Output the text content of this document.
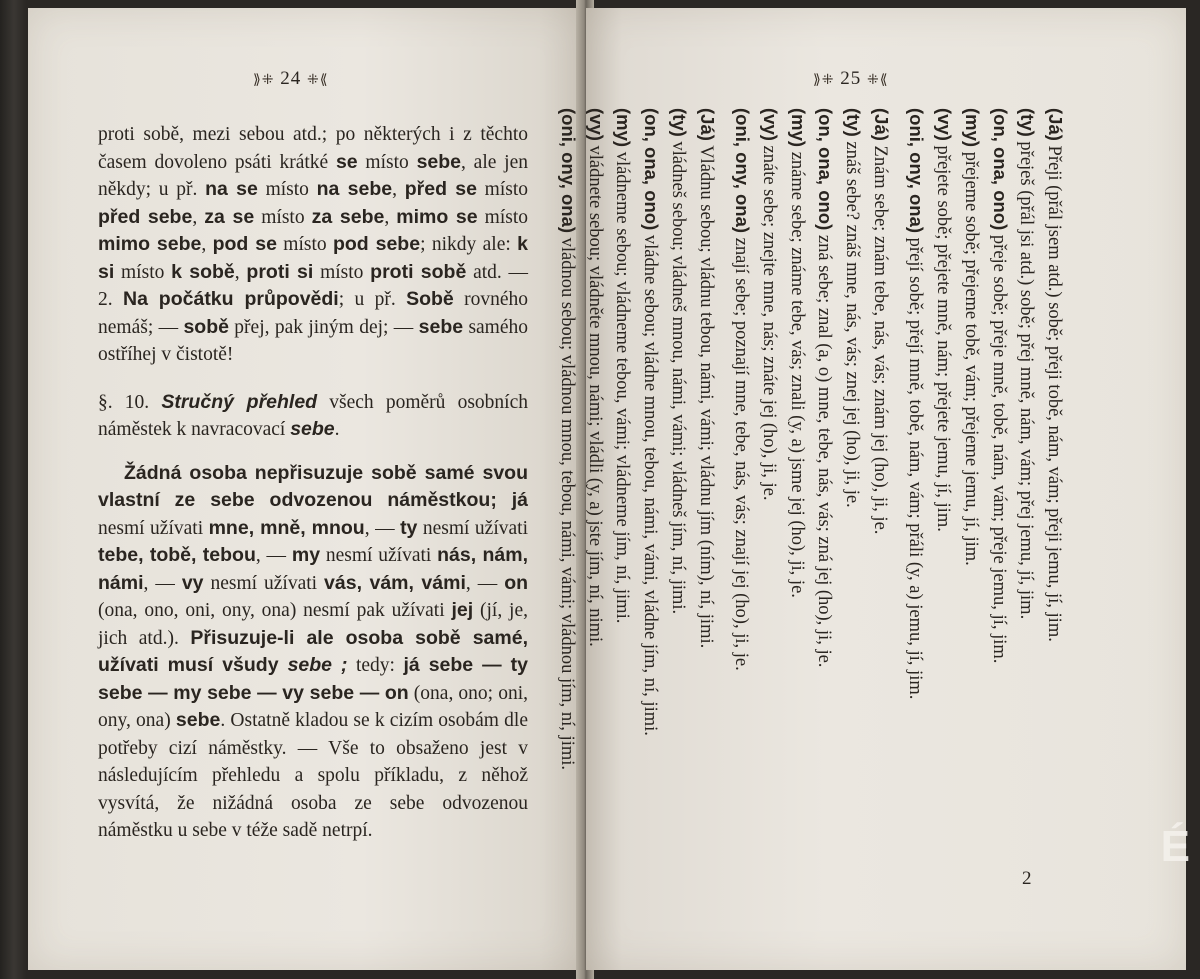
⟫⁜ 24 ⁜⟪

proti sobě, mezi sebou atd.; po některých i z těchto časem dovoleno psáti krátké se místo sebe, ale jen někdy; u př. na se místo na sebe, před se místo před sebe, za se místo za sebe, mimo se místo mimo sebe, pod se místo pod sebe; nikdy ale: k si místo k sobě, proti si místo proti sobě atd. — 2. Na počátku průpovědi; u př. Sobě rovného nemáš; — sobě přej, pak jiným dej; — sebe samého ostříhej v čistotě!

§. 10. Stručný přehled všech poměrů osobních náměstek k navracovací sebe.

Žádná osoba nepřisuzuje sobě samé svou vlastní ze sebe odvozenou náměstkou; já nesmí užívati mne, mně, mnou, — ty nesmí užívati tebe, tobě, tebou, — my nesmí užívati nás, nám, námi, — vy nesmí užívati vás, vám, vámi, — on (ona, ono, oni, ony, ona) nesmí pak užívati jej (jí, je, jich atd.). Přisuzuje-li ale osoba sobě samé, užívati musí všudy sebe ; tedy: já sebe — ty sebe — my sebe — vy sebe — on (ona, ono; oni, ony, ona) sebe. Ostatně kladou se k cizím osobám dle potřeby cizí náměstky. — Vše to obsaženo jest v následujícím přehledu a spolu příkladu, z něhož vysvítá, že nižádná osoba ze sebe odvozenou náměstku u sebe v téže sadě netrpí.

⟫⁜ 25 ⁜⟪
(Já) Přeji (přál jsem atd.) sobě; přeji tobě, nám, vám; přeji jemu, jí, jim.
(ty) přeješ (přál jsi atd.) sobě; přej mně, nám, vám; přej jemu, jí, jim.
(on, ona, ono) přeje sobě; přeje mně, tobě, nám, vám; přeje jemu, jí, jim.
(my) přejeme sobě; přejeme tobě, vám; přejeme jemu, jí, jim.
(vy) přejete sobě; přejete mně, nám; přejete jemu, jí, jim.
(oni, ony, ona) přejí sobě; přejí mně, tobě, nám, vám; přáli (y, a) jemu, jí, jim.
(Já) Znám sebe; znám tebe, nás, vás; znám jej (ho), ji, je.
(ty) znáš sebe? znáš mne, nás, vás; znej jej (ho), ji, je.
(on, ona, ono) zná sebe; znal (a, o) mne, tebe, nás, vás; zná jej (ho), ji, je.
(my) známe sebe; známe tebe, vás; znali (y, a) jsme jej (ho), ji, je.
(vy) znáte sebe; znejte mne, nás; znáte jej (ho), ji, je.
(oni, ony, ona) znají sebe; poznají mne, tebe, nás, vás; znají jej (ho), ji, je.
(Já) Vládnu sebou; vládnu tebou, námi, vámi; vládnu jím (ním), ní, jimi.
(ty) vládneš sebou; vládneš mnou, námi, vámi; vládneš jím, ní, jimi.
(on, ona, ono) vládne sebou; vládne mnou, tebou, námi, vámi, vládne jím, ní, jimi.
(my) vládneme sebou; vládneme tebou, vámi; vládneme jím, ní, jimi.
(vy) vládnete sebou; vládněte mnou, námi; vládli (y, a) jste jím, ní, nimi.
(oni, ony, ona) vládnou sebou; vládnou mnou, tebou, námi, vámi; vládnou jím, ní, jimi.
2
É
